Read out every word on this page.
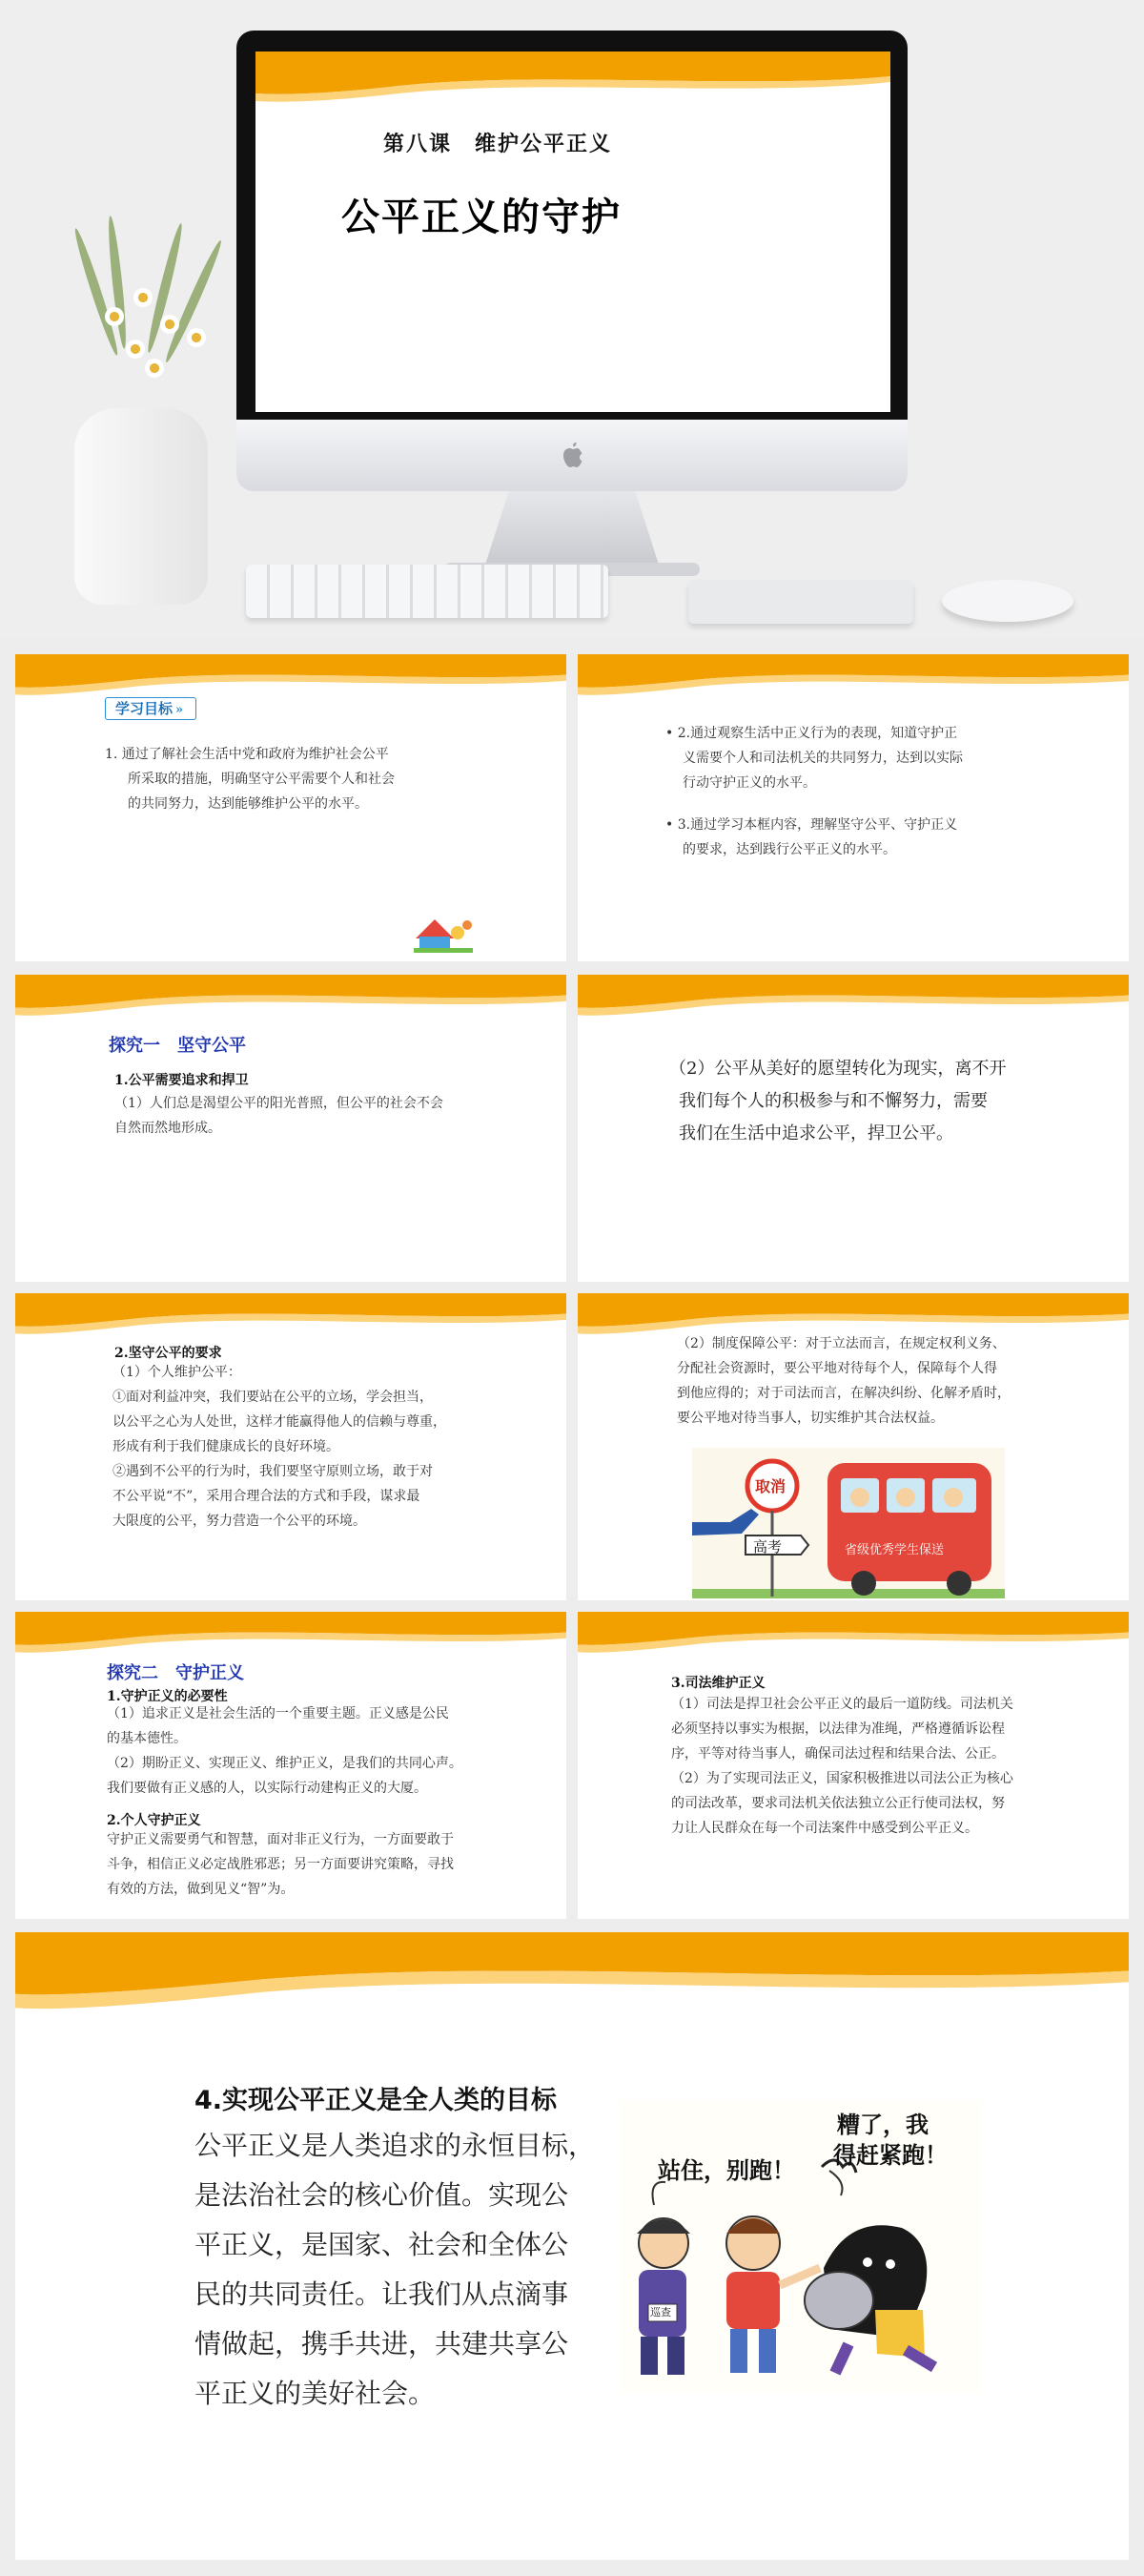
第八课　维护公平正义
公平正义的守护
学习目标 »
1. 通过了解社会生活中党和政府为维护社会公平
所采取的措施，明确坚守公平需要个人和社会
的共同努力，达到能够维护公平的水平。
• 2.通过观察生活中正义行为的表现，知道守护正
义需要个人和司法机关的共同努力，达到以实际
行动守护正义的水平。
• 3.通过学习本框内容，理解坚守公平、守护正义
的要求，达到践行公平正义的水平。
探究一　坚守公平
1.公平需要追求和捍卫
（1）人们总是渴望公平的阳光普照，但公平的社会不会
自然而然地形成。
（2）公平从美好的愿望转化为现实，离不开
我们每个人的积极参与和不懈努力，需要
我们在生活中追求公平，捍卫公平。
2.坚守公平的要求
（1）个人维护公平：
①面对利益冲突，我们要站在公平的立场，学会担当，
以公平之心为人处世，这样才能赢得他人的信赖与尊重，
形成有利于我们健康成长的良好环境。
②遇到不公平的行为时，我们要坚守原则立场，敢于对
不公平说“不”，采用合理合法的方式和手段，谋求最
大限度的公平，努力营造一个公平的环境。
（2）制度保障公平：对于立法而言，在规定权利义务、
分配社会资源时，要公平地对待每个人，保障每个人得
到他应得的；对于司法而言，在解决纠纷、化解矛盾时，
要公平地对待当事人，切实维护其合法权益。
取消
高考	省级优秀学生保送
探究二　守护正义
1.守护正义的必要性
（1）追求正义是社会生活的一个重要主题。正义感是公民
的基本德性。
（2）期盼正义、实现正义、维护正义，是我们的共同心声。
我们要做有正义感的人，以实际行动建构正义的大厦。
2.个人守护正义
守护正义需要勇气和智慧，面对非正义行为，一方面要敢于
斗争，相信正义必定战胜邪恶；另一方面要讲究策略，寻找
有效的方法，做到见义“智”为。
3.司法维护正义
（1）司法是捍卫社会公平正义的最后一道防线。司法机关
必须坚持以事实为根据，以法律为准绳，严格遵循诉讼程
序，平等对待当事人，确保司法过程和结果合法、公正。
（2）为了实现司法正义，国家积极推进以司法公正为核心
的司法改革，要求司法机关依法独立公正行使司法权，努
力让人民群众在每一个司法案件中感受到公平正义。
4.实现公平正义是全人类的目标
公平正义是人类追求的永恒目标，
是法治社会的核心价值。实现公
平正义，是国家、社会和全体公
民的共同责任。让我们从点滴事
情做起，携手共进，共建共享公
平正义的美好社会。
站住，别跑！
糟了，我
得赶紧跑！
巡查
